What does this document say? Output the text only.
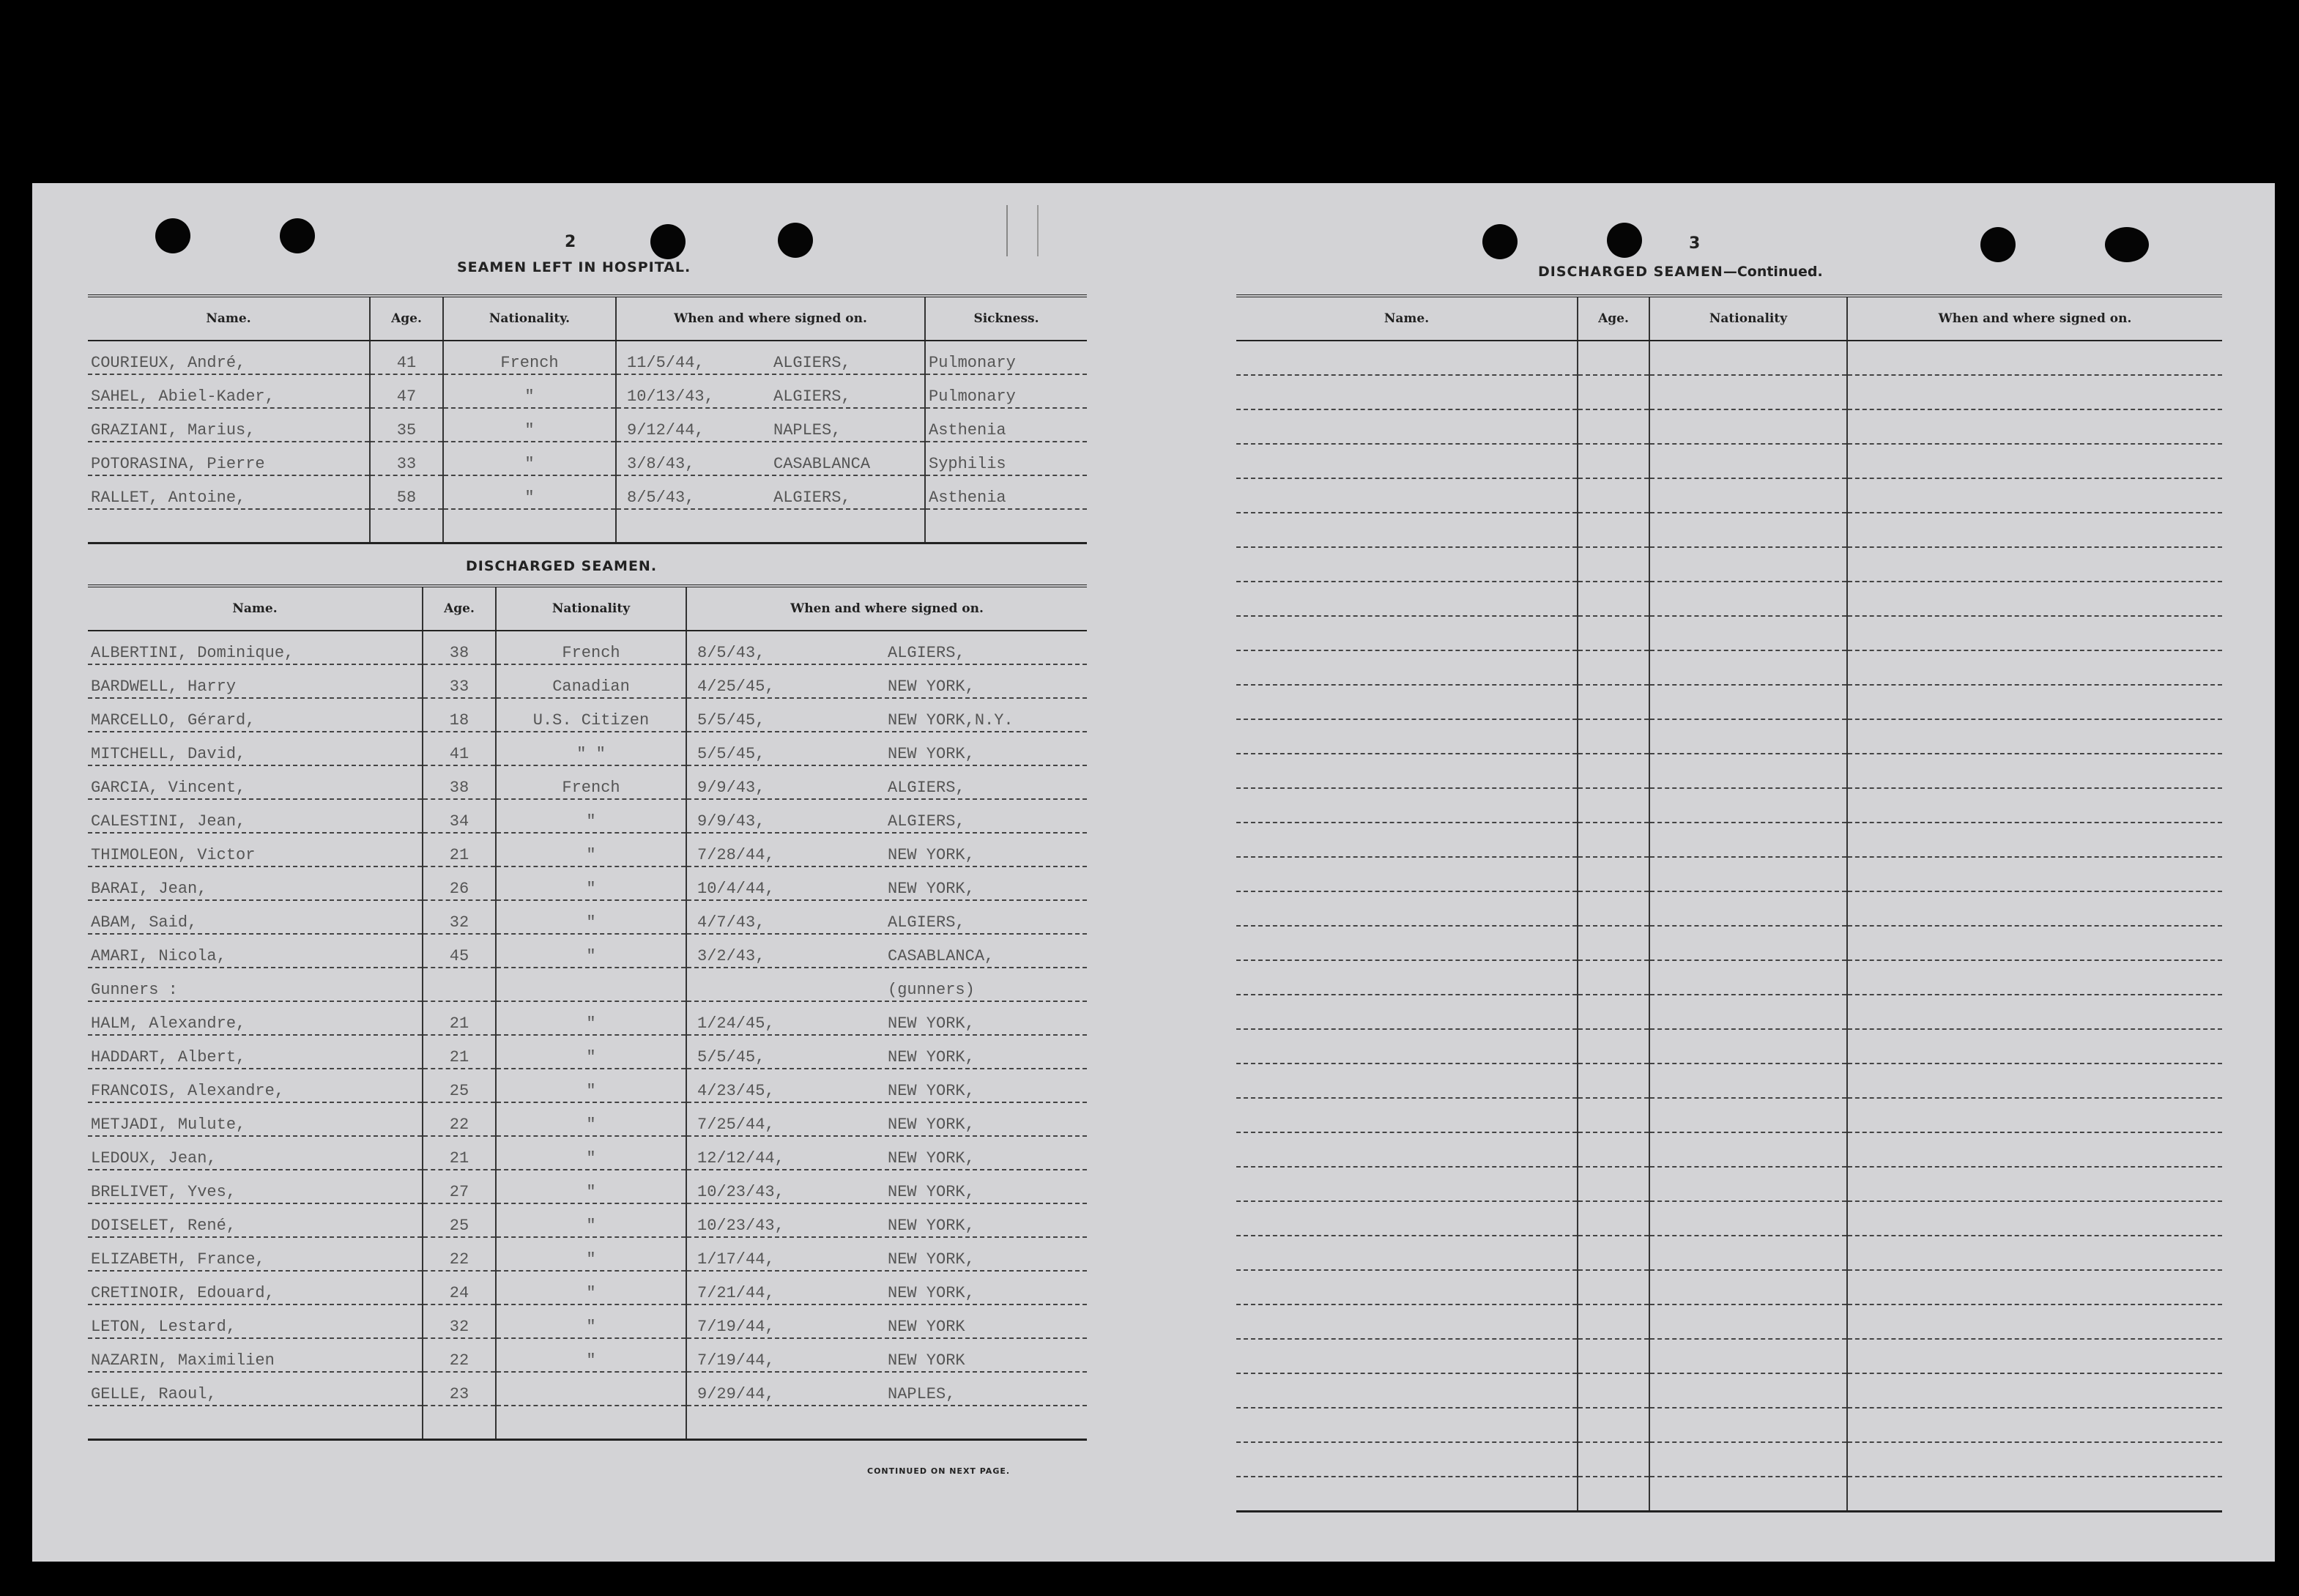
2
SEAMEN LEFT IN HOSPITAL.
Name.	Age.	Nationality.	When and where signed on.	Sickness.
COURIEUX, André,	41	French	11/5/44, ALGIERS,	Pulmonary
SAHEL, Abiel-Kader,	47	"	10/13/43, ALGIERS,	Pulmonary
GRAZIANI, Marius,	35	"	9/12/44, NAPLES,	Asthenia
POTORASINA, Pierre	33	"	3/8/43, CASABLANCA	Syphilis
RALLET, Antoine,	58	"	8/5/43, ALGIERS,	Asthenia

DISCHARGED SEAMEN.
Name.	Age.	Nationality	When and where signed on.
ALBERTINI, Dominique,	38	French	8/5/43, ALGIERS,
BARDWELL, Harry	33	Canadian	4/25/45, NEW YORK,
MARCELLO, Gérard,	18	U.S. Citizen	5/5/45, NEW YORK,N.Y.
MITCHELL, David,	41	" "	5/5/45, NEW YORK,
GARCIA, Vincent,	38	French	9/9/43, ALGIERS,
CALESTINI, Jean,	34	"	9/9/43, ALGIERS,
THIMOLEON, Victor	21	"	7/28/44, NEW YORK,
BARAI, Jean,	26	"	10/4/44, NEW YORK,
ABAM, Said,	32	"	4/7/43, ALGIERS,
AMARI, Nicola,	45	"	3/2/43, CASABLANCA,
Gunners :			(gunners)
HALM, Alexandre,	21	"	1/24/45, NEW YORK,
HADDART, Albert,	21	"	5/5/45, NEW YORK,
FRANCOIS, Alexandre,	25	"	4/23/45, NEW YORK,
METJADI, Mulute,	22	"	7/25/44, NEW YORK,
LEDOUX, Jean,	21	"	12/12/44, NEW YORK,
BRELIVET, Yves,	27	"	10/23/43, NEW YORK,
DOISELET, René,	25	"	10/23/43, NEW YORK,
ELIZABETH, France,	22	"	1/17/44, NEW YORK,
CRETINOIR, Edouard,	24	"	7/21/44, NEW YORK,
LETON, Lestard,	32	"	7/19/44, NEW YORK
NAZARIN, Maximilien	22	"	7/19/44, NEW YORK
GELLE, Raoul,	23		9/29/44, NAPLES,

CONTINUED ON NEXT PAGE.
3
DISCHARGED SEAMEN—Continued.
Name.	Age.	Nationality	When and where signed on.
